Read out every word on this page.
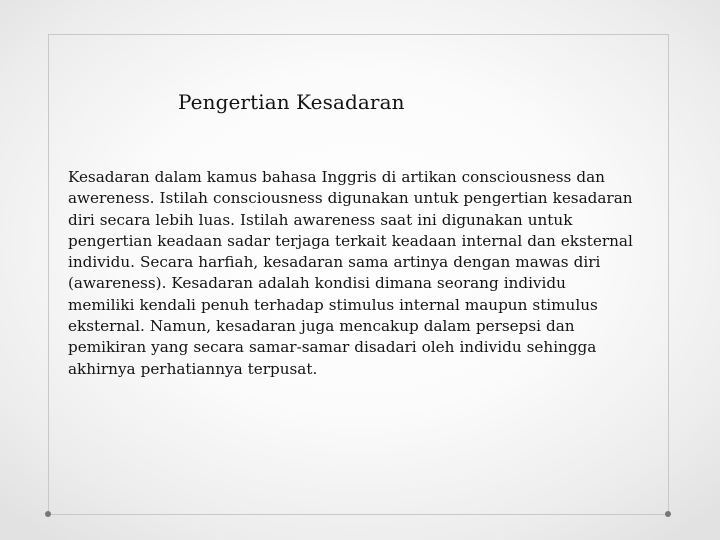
Pengertian Kesadaran
Kesadaran dalam kamus bahasa Inggris di artikan consciousness dan
awereness. Istilah consciousness digunakan untuk pengertian kesadaran
diri secara lebih luas. Istilah awareness saat ini digunakan untuk
pengertian keadaan sadar terjaga terkait keadaan internal dan eksternal
individu. Secara harfiah, kesadaran sama artinya dengan mawas diri
(awareness). Kesadaran adalah kondisi dimana seorang individu
memiliki kendali penuh terhadap stimulus internal maupun stimulus
eksternal. Namun, kesadaran juga mencakup dalam persepsi dan
pemikiran yang secara samar-samar disadari oleh individu sehingga
akhirnya perhatiannya terpusat.
